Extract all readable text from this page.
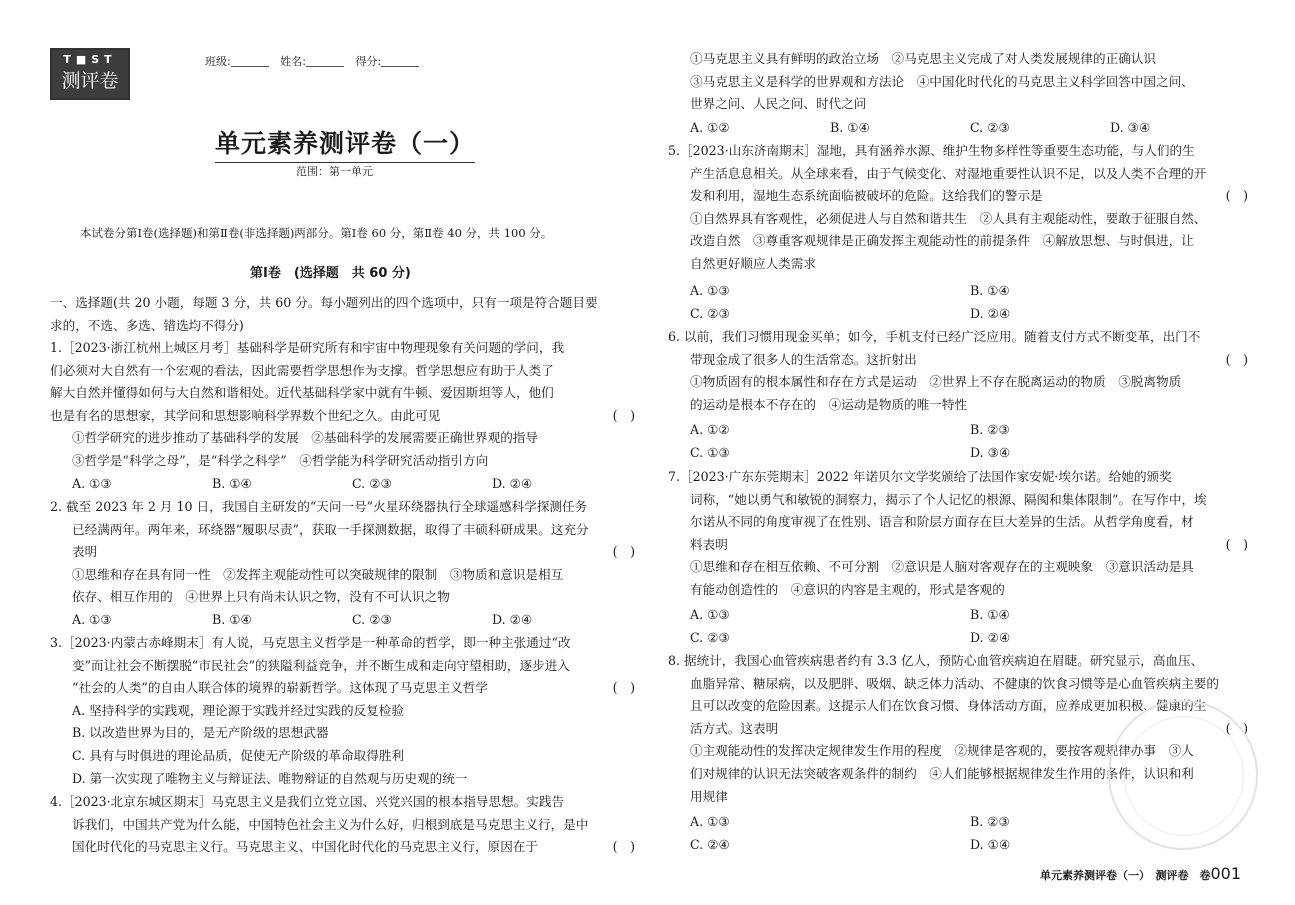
T■ST
测评卷
班级:	姓名:	得分:
单元素养测评卷（一）
范围：第一单元
本试卷分第Ⅰ卷(选择题)和第Ⅱ卷(非选择题)两部分。第Ⅰ卷 60 分，第Ⅱ卷 40 分，共 100 分。
第Ⅰ卷　(选择题　共 60 分)
一、选择题(共 20 小题，每题 3 分，共 60 分。每小题列出的四个选项中，只有一项是符合题目要
求的，不选、多选、错选均不得分)
1.［2023·浙江杭州上城区月考］基础科学是研究所有和宇宙中物理现象有关问题的学问，我
们必须对大自然有一个宏观的看法，因此需要哲学思想作为支撑。哲学思想应有助于人类了
解大自然并懂得如何与大自然和谐相处。近代基础科学家中就有牛顿、爱因斯坦等人，他们
也是有名的思想家，其学问和思想影响科学界数个世纪之久。由此可见	(　)
①哲学研究的进步推动了基础科学的发展　②基础科学的发展需要正确世界观的指导
③哲学是“科学之母”，是“科学之科学”　④哲学能为科学研究活动指引方向
A. ①③	B. ①④	C. ②③	D. ②④
2. 截至 2023 年 2 月 10 日，我国自主研发的“天问一号”火星环绕器执行全球遥感科学探测任务
已经满两年。两年来，环绕器“履职尽责”，获取一手探测数据，取得了丰硕科研成果。这充分
表明	(　)
①思维和存在具有同一性　②发挥主观能动性可以突破规律的限制　③物质和意识是相互
依存、相互作用的　④世界上只有尚未认识之物，没有不可认识之物
A. ①③	B. ①④	C. ②③	D. ②④
3.［2023·内蒙古赤峰期末］有人说，马克思主义哲学是一种革命的哲学，即一种主张通过“改
变”而让社会不断摆脱“市民社会”的狭隘利益竞争，并不断生成和走向守望相助，逐步进入
“社会的人类”的自由人联合体的境界的崭新哲学。这体现了马克思主义哲学	(　)
A. 坚持科学的实践观，理论源于实践并经过实践的反复检验
B. 以改造世界为目的，是无产阶级的思想武器
C. 具有与时俱进的理论品质，促使无产阶级的革命取得胜利
D. 第一次实现了唯物主义与辩证法、唯物辩证的自然观与历史观的统一
4.［2023·北京东城区期末］马克思主义是我们立党立国、兴党兴国的根本指导思想。实践告
诉我们，中国共产党为什么能，中国特色社会主义为什么好，归根到底是马克思主义行，是中
国化时代化的马克思主义行。马克思主义、中国化时代化的马克思主义行，原因在于	(　)
①马克思主义具有鲜明的政治立场　②马克思主义完成了对人类发展规律的正确认识
③马克思主义是科学的世界观和方法论　④中国化时代化的马克思主义科学回答中国之问、
世界之问、人民之问、时代之问
A. ①②	B. ①④	C. ②③	D. ③④
5.［2023·山东济南期末］湿地，具有涵养水源、维护生物多样性等重要生态功能，与人们的生
产生活息息相关。从全球来看，由于气候变化、对湿地重要性认识不足，以及人类不合理的开
发和利用，湿地生态系统面临被破坏的危险。这给我们的警示是	(　)
①自然界具有客观性，必须促进人与自然和谐共生　②人具有主观能动性，要敢于征服自然、
改造自然　③尊重客观规律是正确发挥主观能动性的前提条件　④解放思想、与时俱进，让
自然更好顺应人类需求
A. ①③	B. ①④
C. ②③	D. ②④
6. 以前，我们习惯用现金买单；如今，手机支付已经广泛应用。随着支付方式不断变革，出门不
带现金成了很多人的生活常态。这折射出	(　)
①物质固有的根本属性和存在方式是运动　②世界上不存在脱离运动的物质　③脱离物质
的运动是根本不存在的　④运动是物质的唯一特性
A. ①②	B. ②③
C. ①③	D. ③④
7.［2023·广东东莞期末］2022 年诺贝尔文学奖颁给了法国作家安妮·埃尔诺。给她的颁奖
词称，“她以勇气和敏锐的洞察力，揭示了个人记忆的根源、隔阂和集体限制”。在写作中，埃
尔诺从不同的角度审视了在性别、语言和阶层方面存在巨大差异的生活。从哲学角度看，材
料表明	(　)
①思维和存在相互依赖、不可分割　②意识是人脑对客观存在的主观映象　③意识活动是具
有能动创造性的　④意识的内容是主观的，形式是客观的
A. ①③	B. ①④
C. ②③	D. ②④
8. 据统计，我国心血管疾病患者约有 3.3 亿人，预防心血管疾病迫在眉睫。研究显示，高血压、
血脂异常、糖尿病，以及肥胖、吸烟、缺乏体力活动、不健康的饮食习惯等是心血管疾病主要的
且可以改变的危险因素。这提示人们在饮食习惯、身体活动方面，应养成更加积极、健康的生
活方式。这表明	(　)
①主观能动性的发挥决定规律发生作用的程度　②规律是客观的，要按客观规律办事　③人
们对规律的认识无法突破客观条件的制约　④人们能够根据规律发生作用的条件，认识和利
用规律
A. ①③	B. ②③
C. ②④	D. ①④
单元素养测评卷（一）　测评卷　卷001
